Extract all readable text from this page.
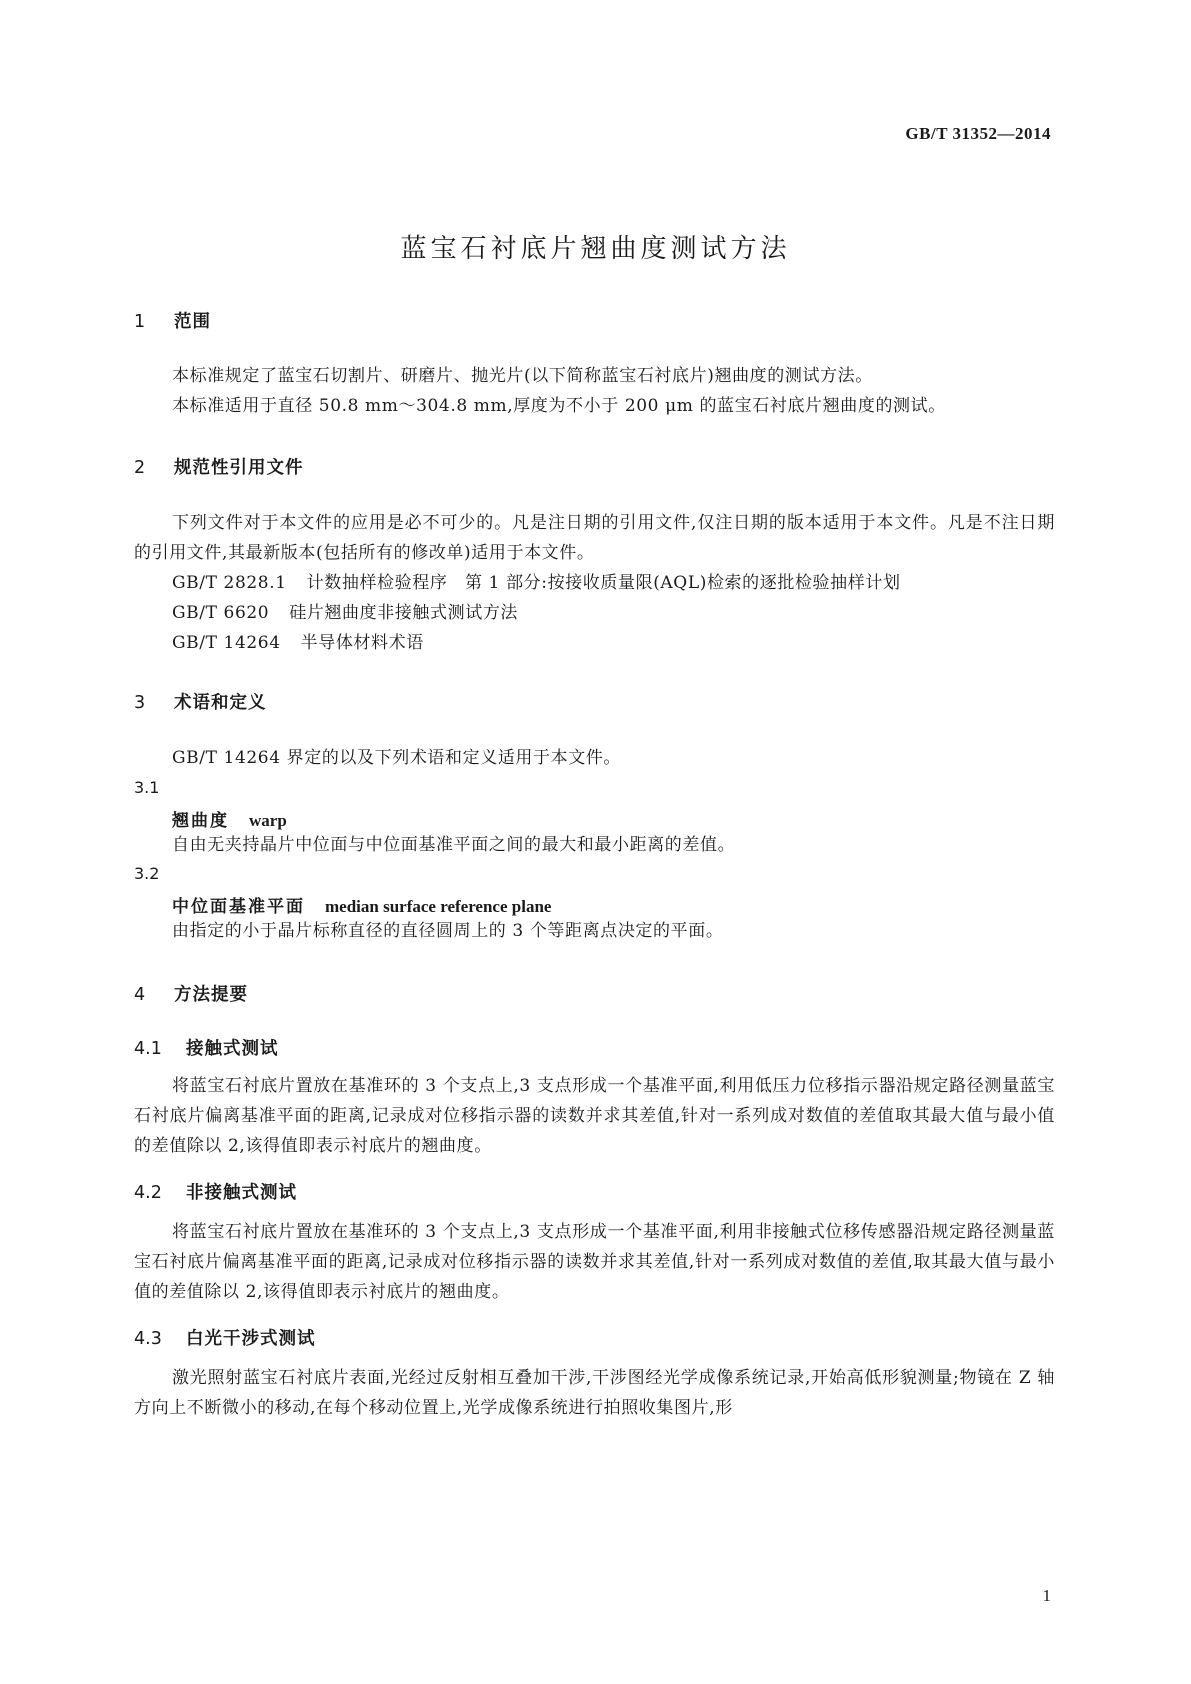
GB/T 31352—2014
蓝宝石衬底片翘曲度测试方法
1 范围
本标准规定了蓝宝石切割片、研磨片、抛光片(以下简称蓝宝石衬底片)翘曲度的测试方法。
本标准适用于直径 50.8 mm～304.8 mm,厚度为不小于 200 μm 的蓝宝石衬底片翘曲度的测试。
2 规范性引用文件
下列文件对于本文件的应用是必不可少的。凡是注日期的引用文件,仅注日期的版本适用于本文件。凡是不注日期的引用文件,其最新版本(包括所有的修改单)适用于本文件。
GB/T 2828.1 计数抽样检验程序　第 1 部分:按接收质量限(AQL)检索的逐批检验抽样计划
GB/T 6620 硅片翘曲度非接触式测试方法
GB/T 14264 半导体材料术语
3 术语和定义
GB/T 14264 界定的以及下列术语和定义适用于本文件。
3.1
翘曲度 warp
自由无夹持晶片中位面与中位面基准平面之间的最大和最小距离的差值。
3.2
中位面基准平面 median surface reference plane
由指定的小于晶片标称直径的直径圆周上的 3 个等距离点决定的平面。
4 方法提要
4.1 接触式测试
将蓝宝石衬底片置放在基准环的 3 个支点上,3 支点形成一个基准平面,利用低压力位移指示器沿规定路径测量蓝宝石衬底片偏离基准平面的距离,记录成对位移指示器的读数并求其差值,针对一系列成对数值的差值取其最大值与最小值的差值除以 2,该得值即表示衬底片的翘曲度。
4.2 非接触式测试
将蓝宝石衬底片置放在基准环的 3 个支点上,3 支点形成一个基准平面,利用非接触式位移传感器沿规定路径测量蓝宝石衬底片偏离基准平面的距离,记录成对位移指示器的读数并求其差值,针对一系列成对数值的差值,取其最大值与最小值的差值除以 2,该得值即表示衬底片的翘曲度。
4.3 白光干涉式测试
激光照射蓝宝石衬底片表面,光经过反射相互叠加干涉,干涉图经光学成像系统记录,开始高低形貌测量;物镜在 Z 轴方向上不断微小的移动,在每个移动位置上,光学成像系统进行拍照收集图片,形
1
